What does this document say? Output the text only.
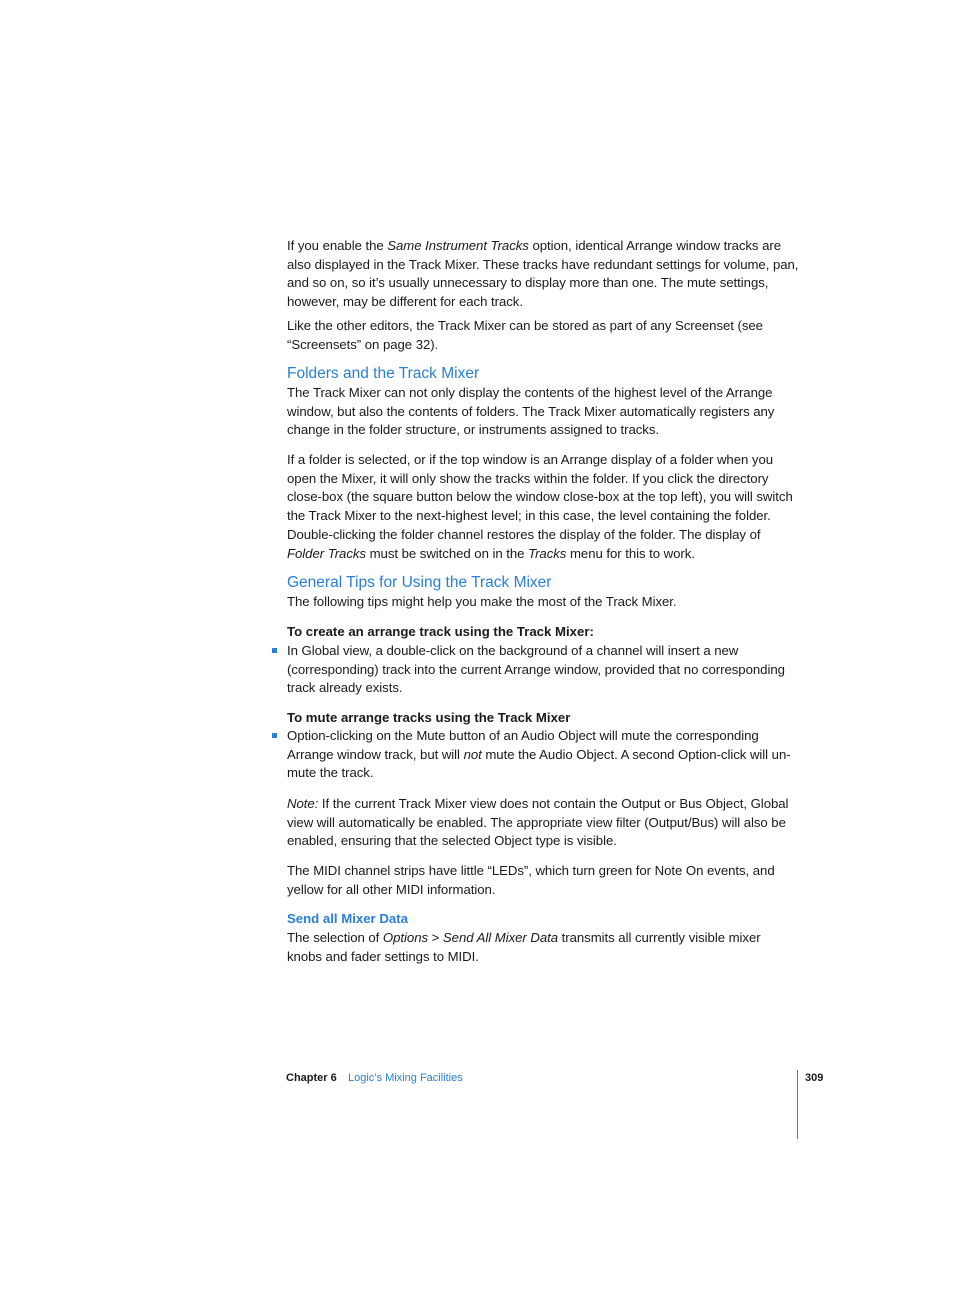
If you enable the Same Instrument Tracks option, identical Arrange window tracks are also displayed in the Track Mixer. These tracks have redundant settings for volume, pan, and so on, so it’s usually unnecessary to display more than one. The mute settings, however, may be different for each track.

Like the other editors, the Track Mixer can be stored as part of any Screenset (see “Screensets” on page 32).

Folders and the Track Mixer

The Track Mixer can not only display the contents of the highest level of the Arrange window, but also the contents of folders. The Track Mixer automatically registers any change in the folder structure, or instruments assigned to tracks.

If a folder is selected, or if the top window is an Arrange display of a folder when you open the Mixer, it will only show the tracks within the folder. If you click the directory close-box (the square button below the window close-box at the top left), you will switch the Track Mixer to the next-highest level; in this case, the level containing the folder. Double-clicking the folder channel restores the display of the folder. The display of Folder Tracks must be switched on in the Tracks menu for this to work.

General Tips for Using the Track Mixer

The following tips might help you make the most of the Track Mixer.

To create an arrange track using the Track Mixer:

In Global view, a double-click on the background of a channel will insert a new (corresponding) track into the current Arrange window, provided that no corresponding track already exists.

To mute arrange tracks using the Track Mixer

Option-clicking on the Mute button of an Audio Object will mute the corresponding Arrange window track, but will not mute the Audio Object. A second Option-click will un-mute the track.

Note: If the current Track Mixer view does not contain the Output or Bus Object, Global view will automatically be enabled. The appropriate view filter (Output/Bus) will also be enabled, ensuring that the selected Object type is visible.

The MIDI channel strips have little “LEDs”, which turn green for Note On events, and yellow for all other MIDI information.

Send all Mixer Data

The selection of Options > Send All Mixer Data transmits all currently visible mixer knobs and fader settings to MIDI.

Chapter 6 Logic’s Mixing Facilities	309
